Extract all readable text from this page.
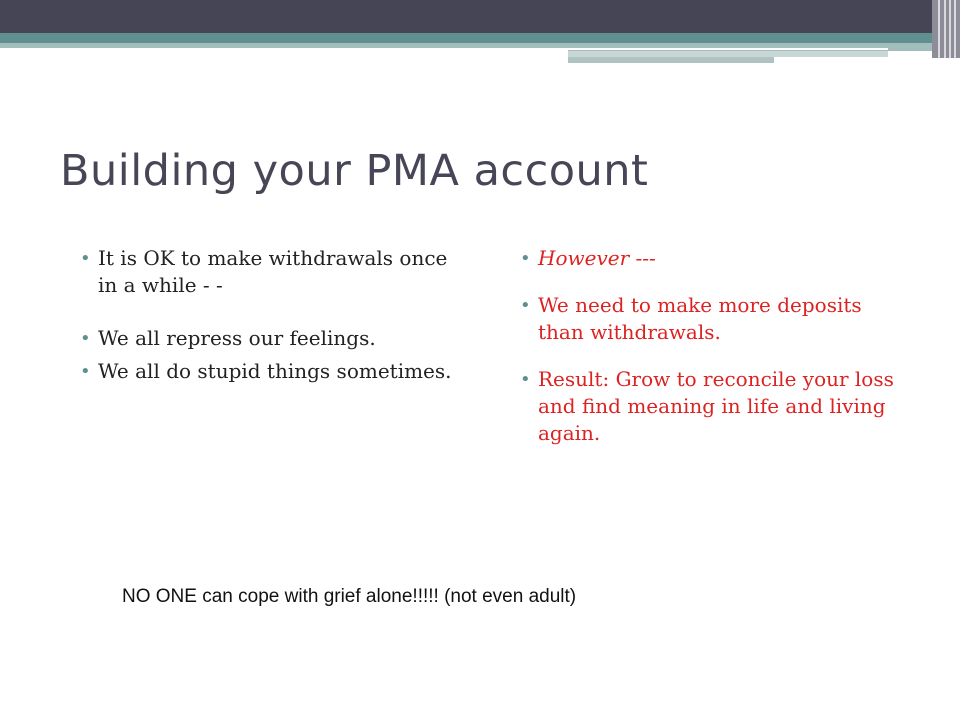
Building your PMA account
• It is OK to make withdrawals once in a while - -
• We all repress our feelings.
• We all do stupid things sometimes.
• However ---
• We need to make more deposits than withdrawals.
• Result: Grow to reconcile your loss and find meaning in life and living again.
NO ONE can cope with grief alone!!!!! (not even adult)
